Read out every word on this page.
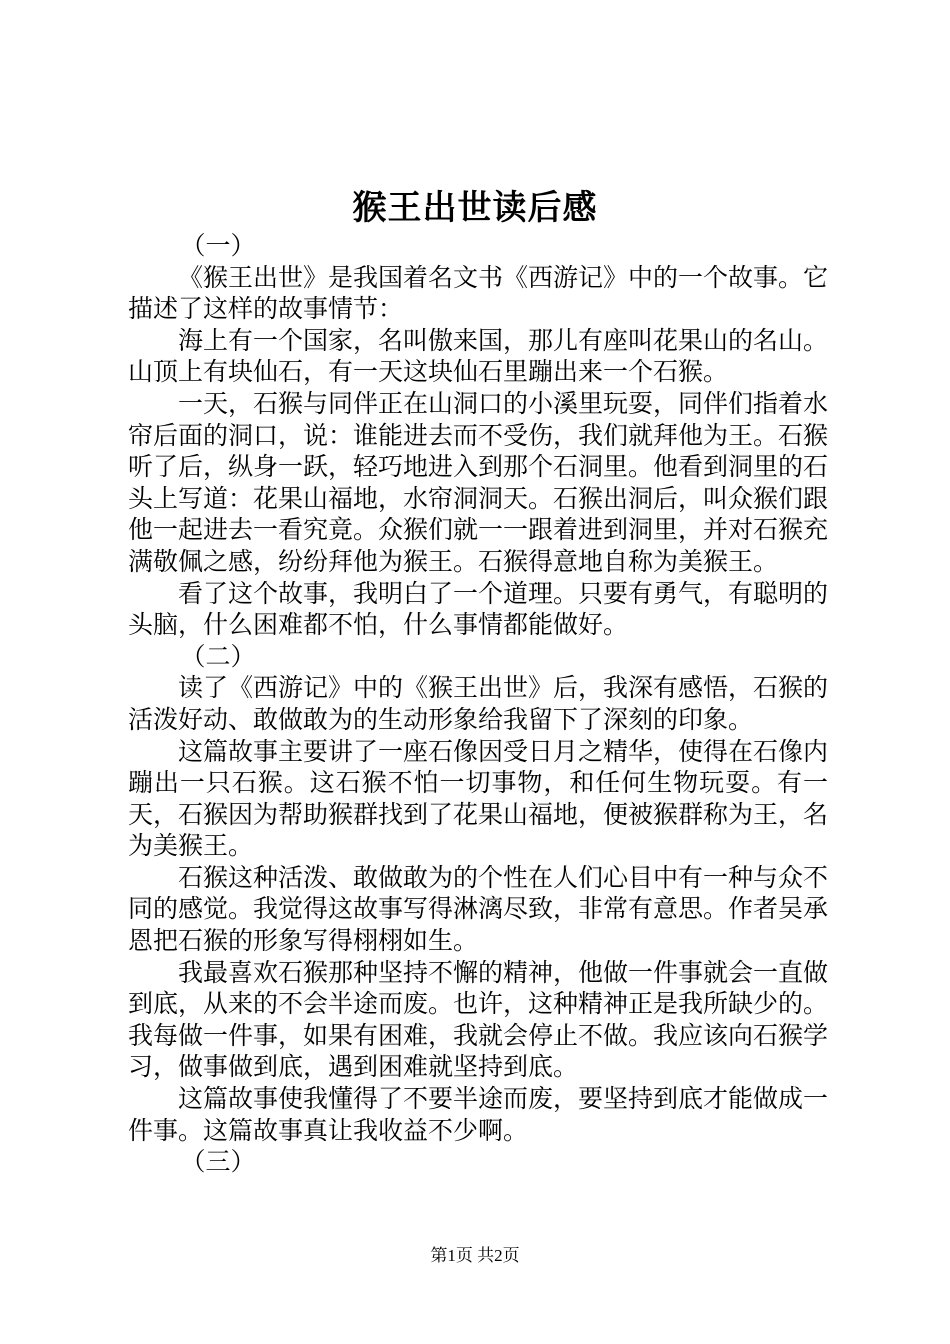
猴王出世读后感

（一）

《猴王出世》是我国着名文书《西游记》中的一个故事。它描述了这样的故事情节：

海上有一个国家，名叫傲来国，那儿有座叫花果山的名山。山顶上有块仙石，有一天这块仙石里蹦出来一个石猴。

一天，石猴与同伴正在山洞口的小溪里玩耍，同伴们指着水帘后面的洞口，说：谁能进去而不受伤，我们就拜他为王。石猴听了后，纵身一跃，轻巧地进入到那个石洞里。他看到洞里的石头上写道：花果山福地，水帘洞洞天。石猴出洞后，叫众猴们跟他一起进去一看究竟。众猴们就一一跟着进到洞里，并对石猴充满敬佩之感，纷纷拜他为猴王。石猴得意地自称为美猴王。

看了这个故事，我明白了一个道理。只要有勇气，有聪明的头脑，什么困难都不怕，什么事情都能做好。

（二）

读了《西游记》中的《猴王出世》后，我深有感悟，石猴的活泼好动、敢做敢为的生动形象给我留下了深刻的印象。

这篇故事主要讲了一座石像因受日月之精华，使得在石像内蹦出一只石猴。这石猴不怕一切事物，和任何生物玩耍。有一天，石猴因为帮助猴群找到了花果山福地，便被猴群称为王，名为美猴王。

石猴这种活泼、敢做敢为的个性在人们心目中有一种与众不同的感觉。我觉得这故事写得淋漓尽致，非常有意思。作者吴承恩把石猴的形象写得栩栩如生。

我最喜欢石猴那种坚持不懈的精神，他做一件事就会一直做到底，从来的不会半途而废。也许，这种精神正是我所缺少的。我每做一件事，如果有困难，我就会停止不做。我应该向石猴学习，做事做到底，遇到困难就坚持到底。

这篇故事使我懂得了不要半途而废，要坚持到底才能做成一件事。这篇故事真让我收益不少啊。

（三）

第1页 共2页
